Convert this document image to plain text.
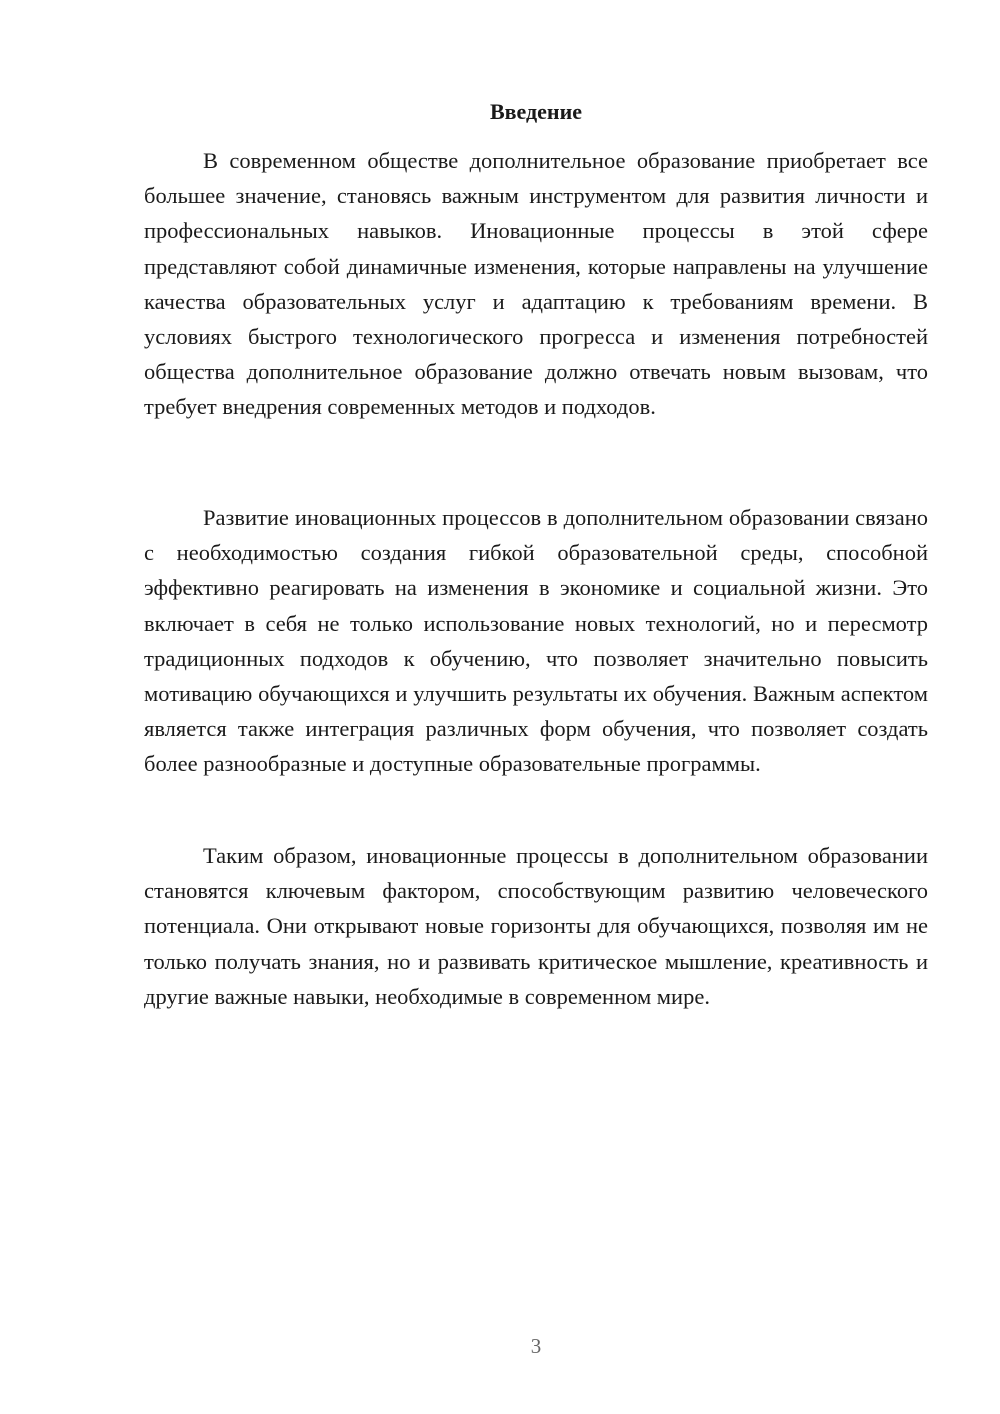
Введение

В современном обществе дополнительное образование приобретает все большее значение, становясь важным инструментом для развития личности и профессиональных навыков. Иновационные процессы в этой сфере представляют собой динамичные изменения, которые направлены на улучшение качества образовательных услуг и адаптацию к требованиям времени. В условиях быстрого технологического прогресса и изменения потребностей общества дополнительное образование должно отвечать новым вызовам, что требует внедрения современных методов и подходов.

Развитие иновационных процессов в дополнительном образовании связано с необходимостью создания гибкой образовательной среды, способной эффективно реагировать на изменения в экономике и социальной жизни. Это включает в себя не только использование новых технологий, но и пересмотр традиционных подходов к обучению, что позволяет значительно повысить мотивацию обучающихся и улучшить результаты их обучения. Важным аспектом является также интеграция различных форм обучения, что позволяет создать более разнообразные и доступные образовательные программы.

Таким образом, иновационные процессы в дополнительном образовании становятся ключевым фактором, способствующим развитию человеческого потенциала. Они открывают новые горизонты для обучающихся, позволяя им не только получать знания, но и развивать критическое мышление, креативность и другие важные навыки, необходимые в современном мире.

3
